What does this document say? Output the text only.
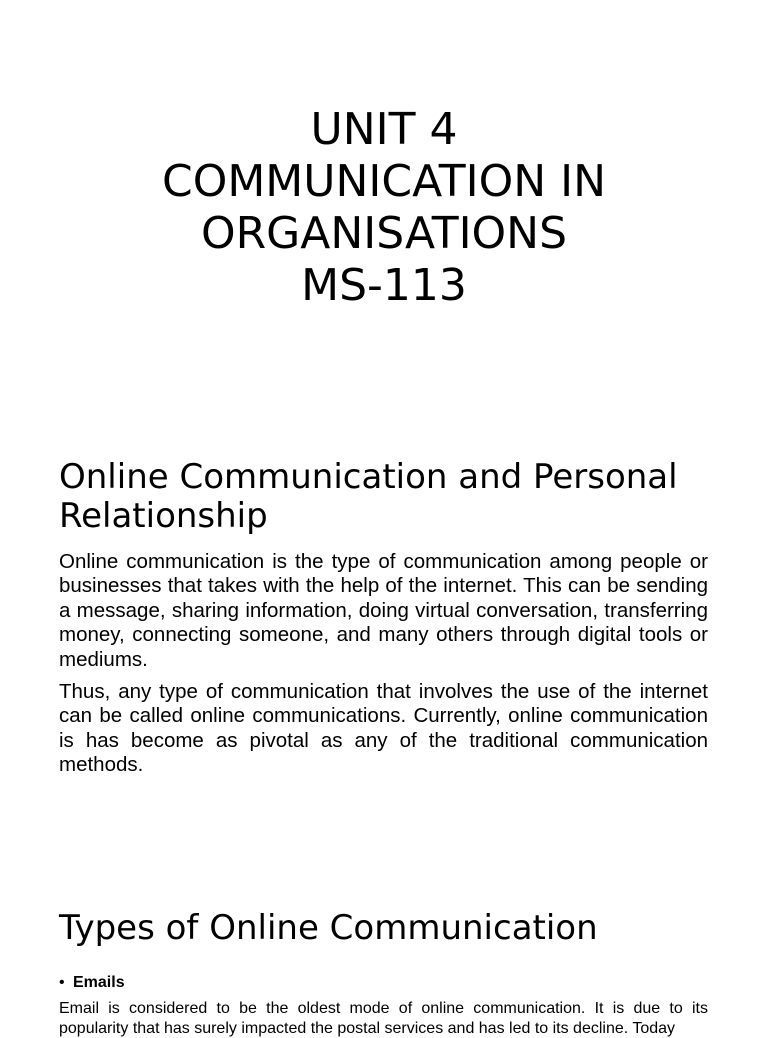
UNIT 4
COMMUNICATION IN
ORGANISATIONS
MS-113
Online Communication and Personal Relationship

Online communication is the type of communication among people or businesses that takes with the help of the internet. This can be sending a message, sharing information, doing virtual conversation, transferring money, connecting someone, and many others through digital tools or mediums.

Thus, any type of communication that involves the use of the internet can be called online communications. Currently, online communication is has become as pivotal as any of the traditional communication methods.

Types of Online Communication
• Emails
Email is considered to be the oldest mode of online communication. It is due to its popularity that has surely impacted the postal services and has led to its decline. Today
